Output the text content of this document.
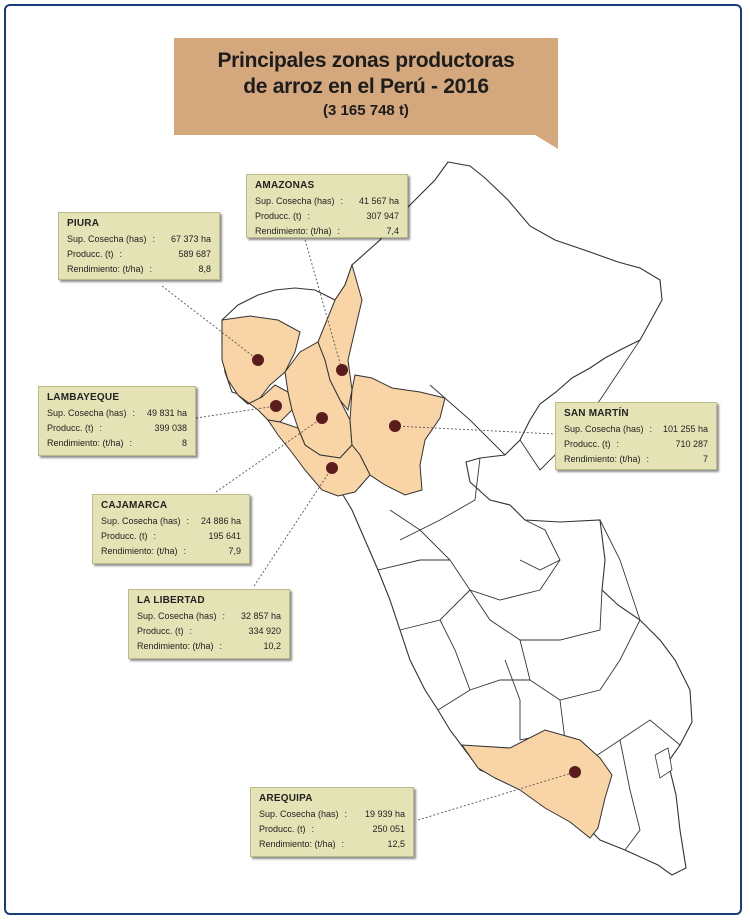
Principales zonas productoras
de arroz en el Perú - 2016
(3 165 748 t)
AMAZONAS
Sup. Cosecha (has) :	41 567 ha
Producc. (t) :	307 947
Rendimiento: (t/ha) :	7,4
PIURA
Sup. Cosecha (has) :	67 373 ha
Producc. (t) :	589 687
Rendimiento: (t/ha) :	8,8
LAMBAYEQUE
Sup. Cosecha (has) :	49 831 ha
Producc. (t) :	399 038
Rendimiento: (t/ha) :	8
SAN MARTÍN
Sup. Cosecha (has) :	101 255 ha
Producc. (t) :	710 287
Rendimiento: (t/ha) :	7
CAJAMARCA
Sup. Cosecha (has) :	24 886 ha
Producc. (t) :	195 641
Rendimiento: (t/ha) :	7,9
LA LIBERTAD
Sup. Cosecha (has) :	32 857 ha
Producc. (t) :	334 920
Rendimiento: (t/ha) :	10,2
AREQUIPA
Sup. Cosecha (has) :	19 939 ha
Producc. (t) :	250 051
Rendimiento: (t/ha) :	12,5
